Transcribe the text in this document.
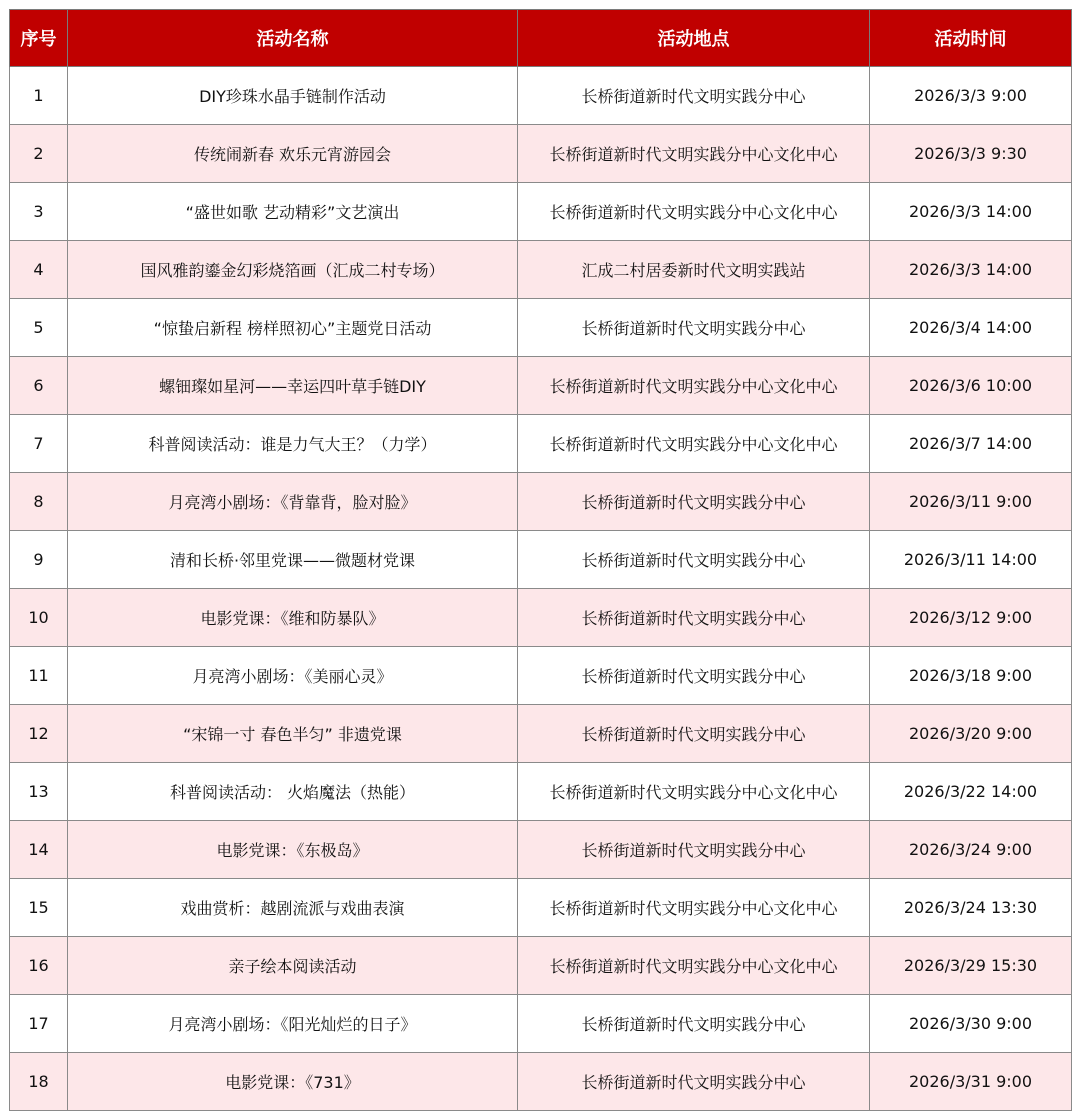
序号	活动名称	活动地点	活动时间
1	DIY珍珠水晶手链制作活动	长桥街道新时代文明实践分中心	2026/3/3 9:00
2	传统闹新春 欢乐元宵游园会	长桥街道新时代文明实践分中心文化中心	2026/3/3 9:30
3	“盛世如歌 艺动精彩”文艺演出	长桥街道新时代文明实践分中心文化中心	2026/3/3 14:00
4	国风雅韵鎏金幻彩烧箔画（汇成二村专场）	汇成二村居委新时代文明实践站	2026/3/3 14:00
5	“惊蛰启新程 榜样照初心”主题党日活动	长桥街道新时代文明实践分中心	2026/3/4 14:00
6	螺钿璨如星河——幸运四叶草手链DIY	长桥街道新时代文明实践分中心文化中心	2026/3/6 10:00
7	科普阅读活动：谁是力气大王？（力学）	长桥街道新时代文明实践分中心文化中心	2026/3/7 14:00
8	月亮湾小剧场：《背靠背，脸对脸》	长桥街道新时代文明实践分中心	2026/3/11 9:00
9	清和长桥·邻里党课——微题材党课	长桥街道新时代文明实践分中心	2026/3/11 14:00
10	电影党课：《维和防暴队》	长桥街道新时代文明实践分中心	2026/3/12 9:00
11	月亮湾小剧场：《美丽心灵》	长桥街道新时代文明实践分中心	2026/3/18 9:00
12	“宋锦一寸 春色半匀” 非遗党课	长桥街道新时代文明实践分中心	2026/3/20 9:00
13	科普阅读活动： 火焰魔法（热能）	长桥街道新时代文明实践分中心文化中心	2026/3/22 14:00
14	电影党课：《东极岛》	长桥街道新时代文明实践分中心	2026/3/24 9:00
15	戏曲赏析：越剧流派与戏曲表演	长桥街道新时代文明实践分中心文化中心	2026/3/24 13:30
16	亲子绘本阅读活动	长桥街道新时代文明实践分中心文化中心	2026/3/29 15:30
17	月亮湾小剧场：《阳光灿烂的日子》	长桥街道新时代文明实践分中心	2026/3/30 9:00
18	电影党课：《731》	长桥街道新时代文明实践分中心	2026/3/31 9:00
